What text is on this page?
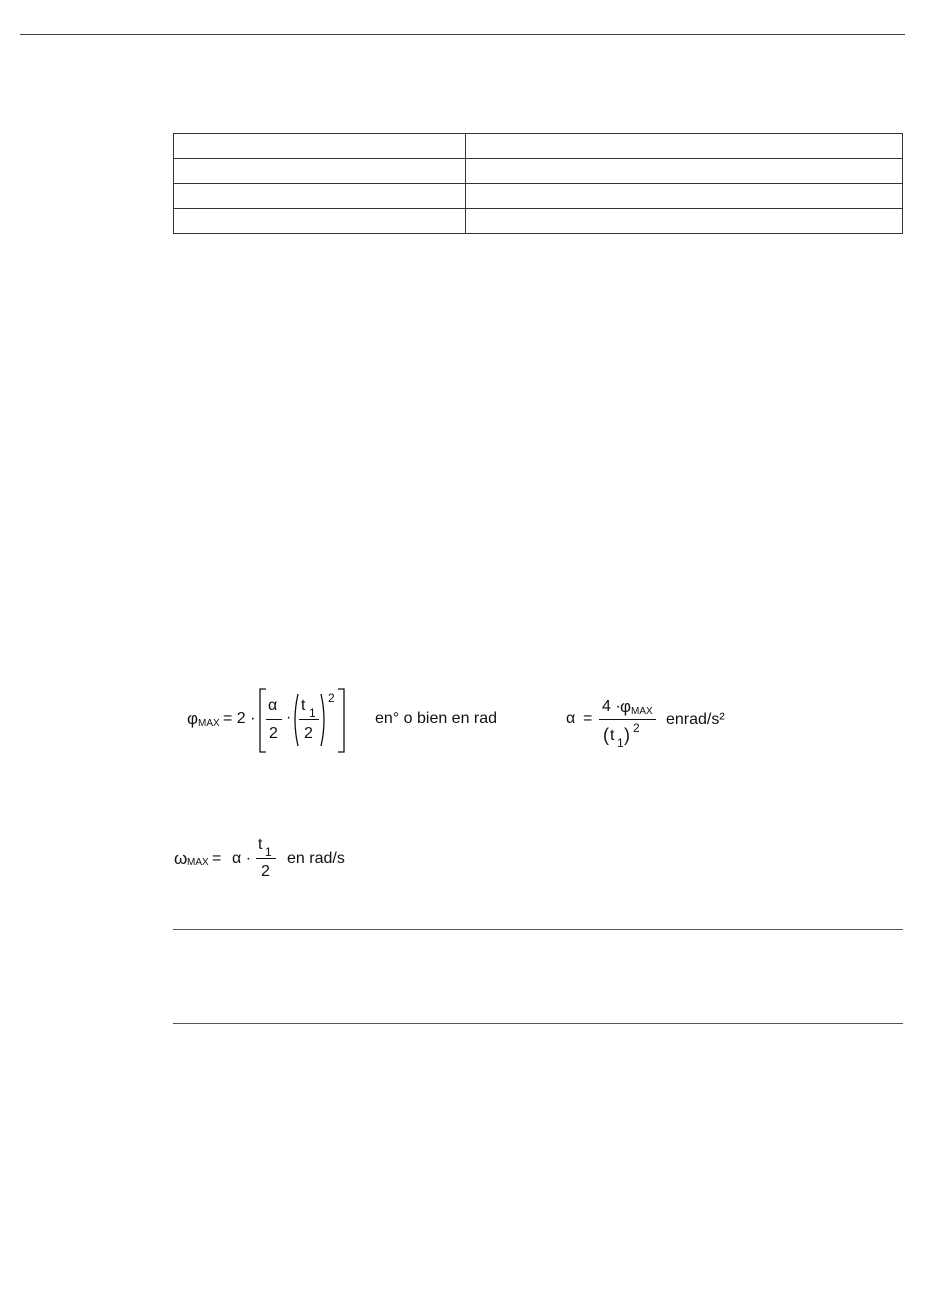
φ MAX = 2 ·
α
2
·
t 1
2
2
en° o bien en rad	α =
4 · φ MAX
( t 1 ) 2 enrad/s²
ω MAX = α ·
t 1
2
en rad/s
